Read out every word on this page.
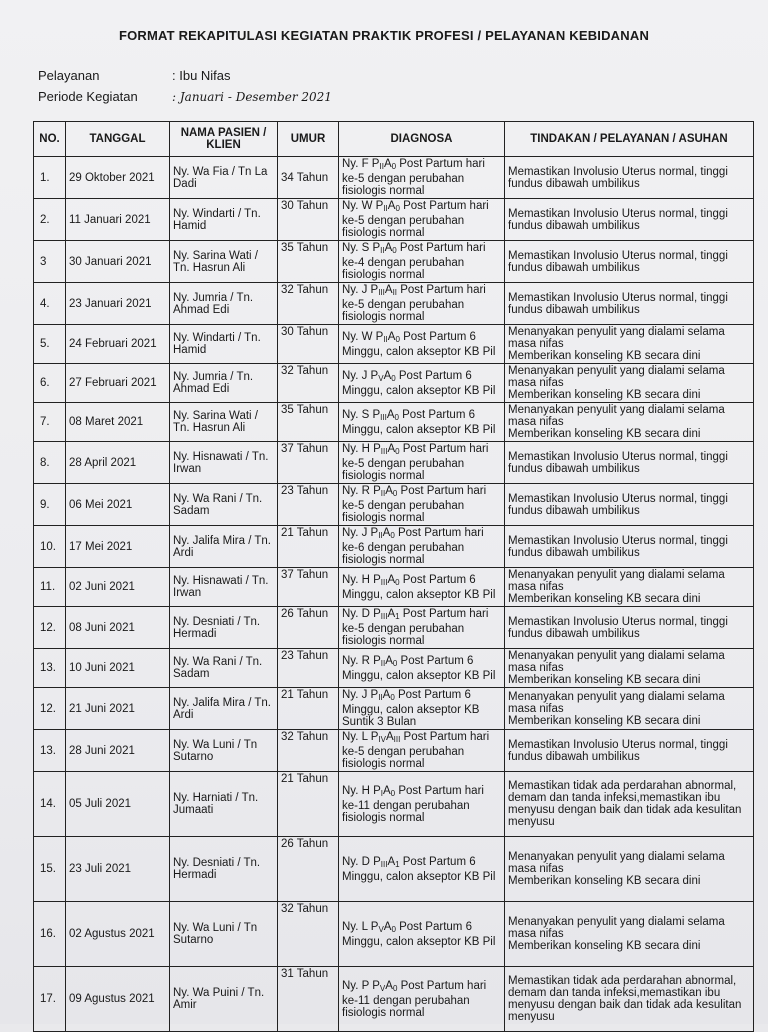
FORMAT REKAPITULASI KEGIATAN PRAKTIK PROFESI / PELAYANAN KEBIDANAN
Pelayanan	: Ibu Nifas
Periode Kegiatan	: Januari - Desember 2021
NO.	TANGGAL	NAMA PASIEN / KLIEN	UMUR	DIAGNOSA	TINDAKAN / PELAYANAN / ASUHAN
1.	29 Oktober 2021	Ny. Wa Fia / Tn La Dadi	34 Tahun	Ny. F $P_{II}A_0$ Post Partum hari ke-5 dengan perubahan fisiologis normal	Memastikan Involusio Uterus normal, tinggi fundus dibawah umbilikus
2.	11 Januari 2021	Ny. Windarti / Tn. Hamid	30 Tahun	Ny. W $P_{II}A_0$ Post Partum hari ke-5 dengan perubahan fisiologis normal	Memastikan Involusio Uterus normal, tinggi fundus dibawah umbilikus
3	30 Januari 2021	Ny. Sarina Wati / Tn. Hasrun Ali	35 Tahun	Ny. S $P_{II}A_0$ Post Partum hari ke-4 dengan perubahan fisiologis normal	Memastikan Involusio Uterus normal, tinggi fundus dibawah umbilikus
4.	23 Januari 2021	Ny. Jumria / Tn. Ahmad Edi	32 Tahun	Ny. J $P_{III}A_{II}$ Post Partum hari ke-5 dengan perubahan fisiologis normal	Memastikan Involusio Uterus normal, tinggi fundus dibawah umbilikus
5.	24 Februari 2021	Ny. Windarti / Tn. Hamid	30 Tahun	Ny. W $P_{II}A_0$ Post Partum 6 Minggu, calon akseptor KB Pil	Menanyakan penyulit yang dialami selama masa nifas
Memberikan konseling KB secara dini
6.	27 Februari 2021	Ny. Jumria / Tn. Ahmad Edi	32 Tahun	Ny. J $P_VA_0$ Post Partum 6 Minggu, calon akseptor KB Pil	Menanyakan penyulit yang dialami selama masa nifas
Memberikan konseling KB secara dini
7.	08 Maret 2021	Ny. Sarina Wati / Tn. Hasrun Ali	35 Tahun	Ny. S $P_{III}A_0$ Post Partum 6 Minggu, calon akseptor KB Pil	Menanyakan penyulit yang dialami selama masa nifas
Memberikan konseling KB secara dini
8.	28 April 2021	Ny. Hisnawati / Tn. Irwan	37 Tahun	Ny. H $P_{III}A_0$ Post Partum hari ke-5 dengan perubahan fisiologis normal	Memastikan Involusio Uterus normal, tinggi fundus dibawah umbilikus
9.	06 Mei 2021	Ny. Wa Rani / Tn. Sadam	23 Tahun	Ny. R $P_{II}A_0$ Post Partum hari ke-5 dengan perubahan fisiologis normal	Memastikan Involusio Uterus normal, tinggi fundus dibawah umbilikus
10.	17 Mei 2021	Ny. Jalifa Mira / Tn. Ardi	21 Tahun	Ny. J $P_{II}A_0$ Post Partum hari ke-6 dengan perubahan fisiologis normal	Memastikan Involusio Uterus normal, tinggi fundus dibawah umbilikus
11.	02 Juni 2021	Ny. Hisnawati / Tn. Irwan	37 Tahun	Ny. H $P_{III}A_0$ Post Partum 6 Minggu, calon akseptor KB Pil	Menanyakan penyulit yang dialami selama masa nifas
Memberikan konseling KB secara dini
12.	08 Juni 2021	Ny. Desniati / Tn. Hermadi	26 Tahun	Ny. D $P_{III}A_1$ Post Partum hari ke-5 dengan perubahan fisiologis normal	Memastikan Involusio Uterus normal, tinggi fundus dibawah umbilikus
13.	10 Juni 2021	Ny. Wa Rani / Tn. Sadam	23 Tahun	Ny. R $P_{II}A_0$ Post Partum 6 Minggu, calon akseptor KB Pil	Menanyakan penyulit yang dialami selama masa nifas
Memberikan konseling KB secara dini
12.	21 Juni 2021	Ny. Jalifa Mira / Tn. Ardi	21 Tahun	Ny. J $P_{II}A_0$ Post Partum 6 Minggu, calon akseptor KB Suntik 3 Bulan	Menanyakan penyulit yang dialami selama masa nifas
Memberikan konseling KB secara dini
13.	28 Juni 2021	Ny. Wa Luni / Tn Sutarno	32 Tahun	Ny. L $P_{IV}A_{III}$ Post Partum hari ke-5 dengan perubahan fisiologis normal	Memastikan Involusio Uterus normal, tinggi fundus dibawah umbilikus
14.	05 Juli 2021	Ny. Harniati / Tn. Jumaati	21 Tahun	Ny. H $P_IA_0$ Post Partum hari ke-11 dengan perubahan fisiologis normal	Memastikan tidak ada perdarahan abnormal, demam dan tanda infeksi,memastikan ibu menyusu dengan baik dan tidak ada kesulitan menyusu
15.	23 Juli 2021	Ny. Desniati / Tn. Hermadi	26 Tahun	Ny. D $P_{III}A_1$ Post Partum 6 Minggu, calon akseptor KB Pil	Menanyakan penyulit yang dialami selama masa nifas
Memberikan konseling KB secara dini
16.	02 Agustus 2021	Ny. Wa Luni / Tn Sutarno	32 Tahun	Ny. L $P_VA_0$ Post Partum 6 Minggu, calon akseptor KB Pil	Menanyakan penyulit yang dialami selama masa nifas
Memberikan konseling KB secara dini
17.	09 Agustus 2021	Ny. Wa Puini / Tn. Amir	31 Tahun	Ny. P $P_VA_0$ Post Partum hari ke-11 dengan perubahan fisiologis normal	Memastikan tidak ada perdarahan abnormal, demam dan tanda infeksi,memastikan ibu menyusu dengan baik dan tidak ada kesulitan menyusu
